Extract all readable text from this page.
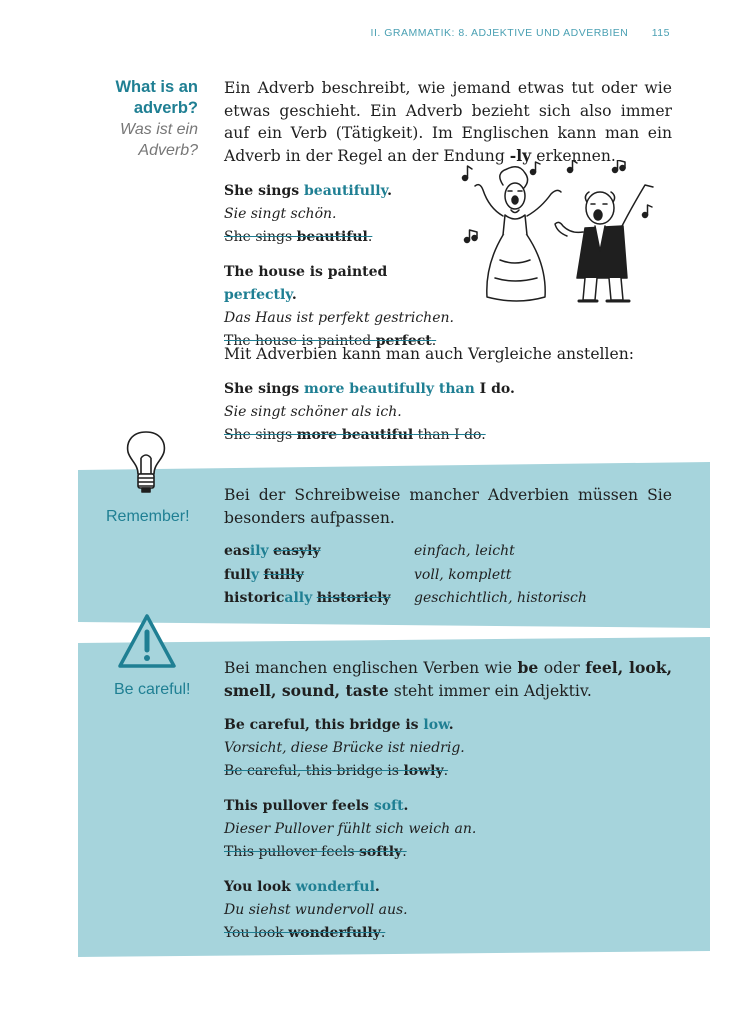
II. GRAMMATIK: 8. ADJEKTIVE UND ADVERBIEN 115
What is an
adverb?
Was ist ein
Adverb?
Ein Adverb beschreibt, wie jemand etwas tut oder wie etwas geschieht. Ein Adverb bezieht sich also immer auf ein Verb (Tätigkeit). Im Englischen kann man ein Adverb in der Regel an der Endung -ly erkennen.
She sings beautifully.
Sie singt schön.
She sings beautiful.
The house is painted perfectly.
Das Haus ist perfekt gestrichen.
The house is painted perfect.
Mit Adverbien kann man auch Vergleiche anstellen:
She sings more beautifully than I do.
Sie singt schöner als ich.
She sings more beautiful than I do.
Remember!
Bei der Schreibweise mancher Adverbien müssen Sie besonders aufpassen.
easily easyly	einfach, leicht
fully fullly	voll, komplett
historically historicly	geschichtlich, historisch
Be careful!
Bei manchen englischen Verben wie be oder feel, look, smell, sound, taste steht immer ein Adjektiv.
Be careful, this bridge is low.
Vorsicht, diese Brücke ist niedrig.
Be careful, this bridge is lowly.
This pullover feels soft.
Dieser Pullover fühlt sich weich an.
This pullover feels softly.
You look wonderful.
Du siehst wundervoll aus.
You look wonderfully.
